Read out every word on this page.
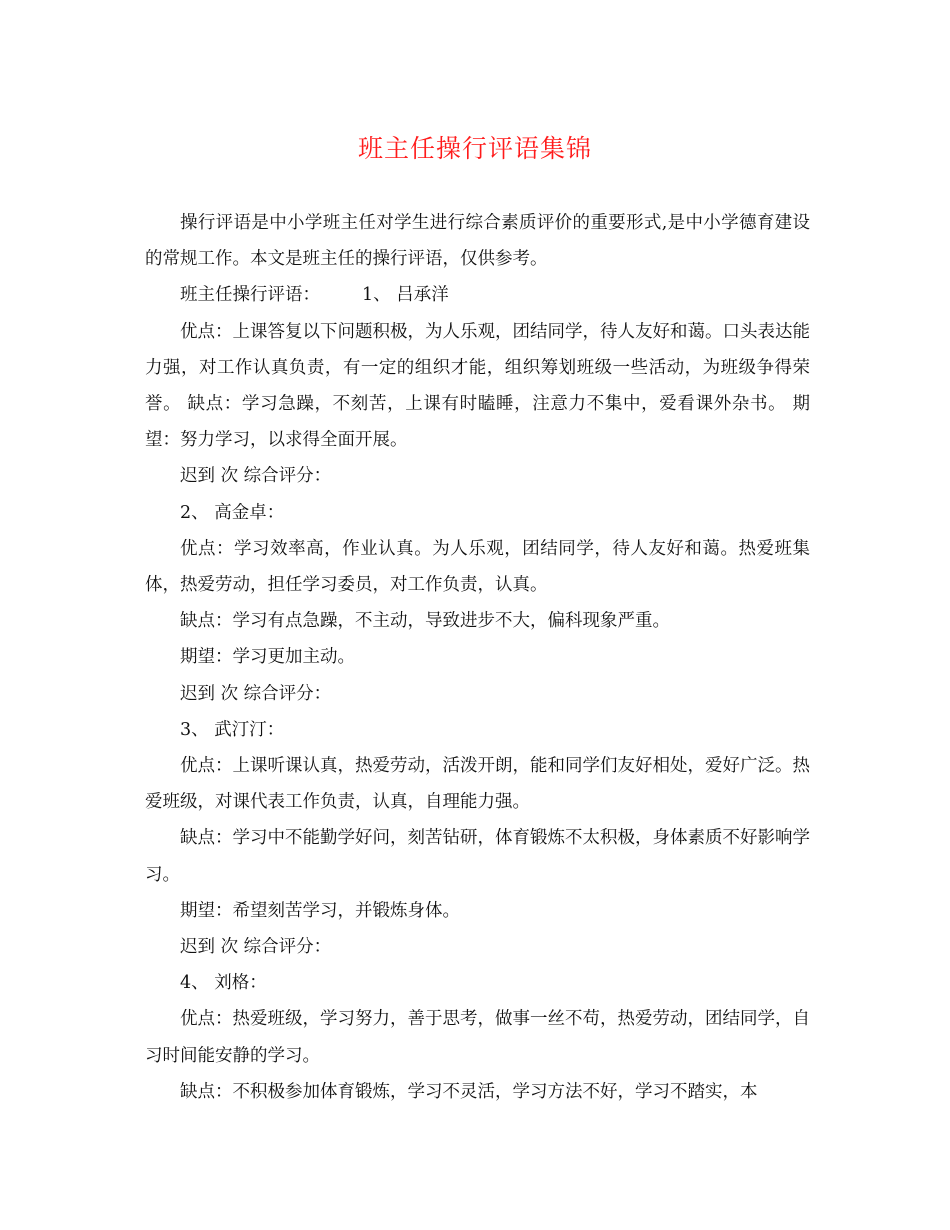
班主任操行评语集锦

操行评语是中小学班主任对学生进行综合素质评价的重要形式,是中小学德育建设的常规工作。本文是班主任的操行评语，仅供参考。

班主任操行评语： 1、 吕承洋

优点：上课答复以下问题积极，为人乐观，团结同学，待人友好和蔼。口头表达能力强，对工作认真负责，有一定的组织才能，组织筹划班级一些活动，为班级争得荣誉。 缺点：学习急躁，不刻苦，上课有时瞌睡，注意力不集中，爱看课外杂书。 期望：努力学习，以求得全面开展。

迟到 次 综合评分：

2、 高金卓：

优点：学习效率高，作业认真。为人乐观，团结同学，待人友好和蔼。热爱班集体，热爱劳动，担任学习委员，对工作负责，认真。

缺点：学习有点急躁，不主动，导致进步不大，偏科现象严重。

期望：学习更加主动。

迟到 次 综合评分：

3、 武汀汀：

优点：上课听课认真，热爱劳动，活泼开朗，能和同学们友好相处，爱好广泛。热爱班级，对课代表工作负责，认真，自理能力强。

缺点：学习中不能勤学好问，刻苦钻研，体育锻炼不太积极，身体素质不好影响学习。

期望：希望刻苦学习，并锻炼身体。

迟到 次 综合评分：

4、 刘格：

优点：热爱班级，学习努力，善于思考，做事一丝不苟，热爱劳动，团结同学，自习时间能安静的学习。

缺点：不积极参加体育锻炼，学习不灵活，学习方法不好，学习不踏实，本
